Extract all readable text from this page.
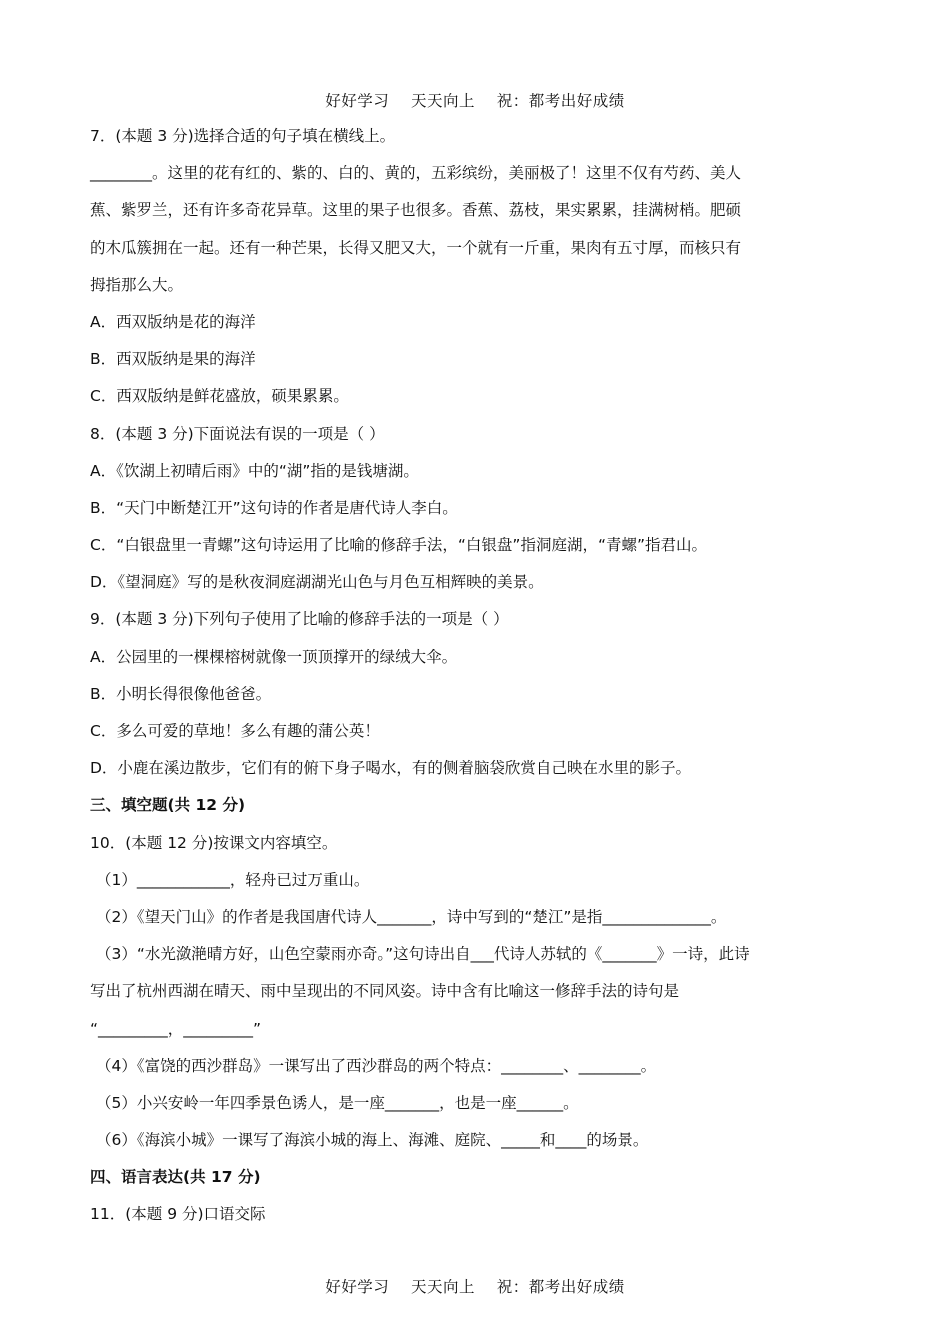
好好学习    天天向上    祝：都考出好成绩
7．(本题 3 分)选择合适的句子填在横线上。
________。这里的花有红的、紫的、白的、黄的，五彩缤纷，美丽极了！这里不仅有芍药、美人
蕉、紫罗兰，还有许多奇花异草。这里的果子也很多。香蕉、荔枝，果实累累，挂满树梢。肥硕
的木瓜簇拥在一起。还有一种芒果，长得又肥又大，一个就有一斤重，果肉有五寸厚，而核只有
拇指那么大。
A．西双版纳是花的海洋
B．西双版纳是果的海洋
C．西双版纳是鲜花盛放，硕果累累。
8．(本题 3 分)下面说法有误的一项是（ ）
A．《饮湖上初晴后雨》中的“湖”指的是钱塘湖。
B．“天门中断楚江开”这句诗的作者是唐代诗人李白。
C．“白银盘里一青螺”这句诗运用了比喻的修辞手法，“白银盘”指洞庭湖，“青螺”指君山。
D．《望洞庭》写的是秋夜洞庭湖湖光山色与月色互相辉映的美景。
9．(本题 3 分)下列句子使用了比喻的修辞手法的一项是（ ）
A．公园里的一棵棵榕树就像一顶顶撑开的绿绒大伞。
B．小明长得很像他爸爸。
C．多么可爱的草地！多么有趣的蒲公英！
D．小鹿在溪边散步，它们有的俯下身子喝水，有的侧着脑袋欣赏自己映在水里的影子。
三、填空题(共 12 分)
10．(本题 12 分)按课文内容填空。
（1）____________，轻舟已过万重山。
（2）《望天门山》的作者是我国唐代诗人_______，诗中写到的“楚江”是指______________。
（3）“水光潋滟晴方好，山色空蒙雨亦奇。”这句诗出自___代诗人苏轼的《_______》一诗，此诗
写出了杭州西湖在晴天、雨中呈现出的不同风姿。诗中含有比喻这一修辞手法的诗句是
“_________，_________”
（4）《富饶的西沙群岛》一课写出了西沙群岛的两个特点：________、________。
（5）小兴安岭一年四季景色诱人，是一座_______，也是一座______。
（6）《海滨小城》一课写了海滨小城的海上、海滩、庭院、_____和____的场景。
四、语言表达(共 17 分)
11．(本题 9 分)口语交际
好好学习    天天向上    祝：都考出好成绩
